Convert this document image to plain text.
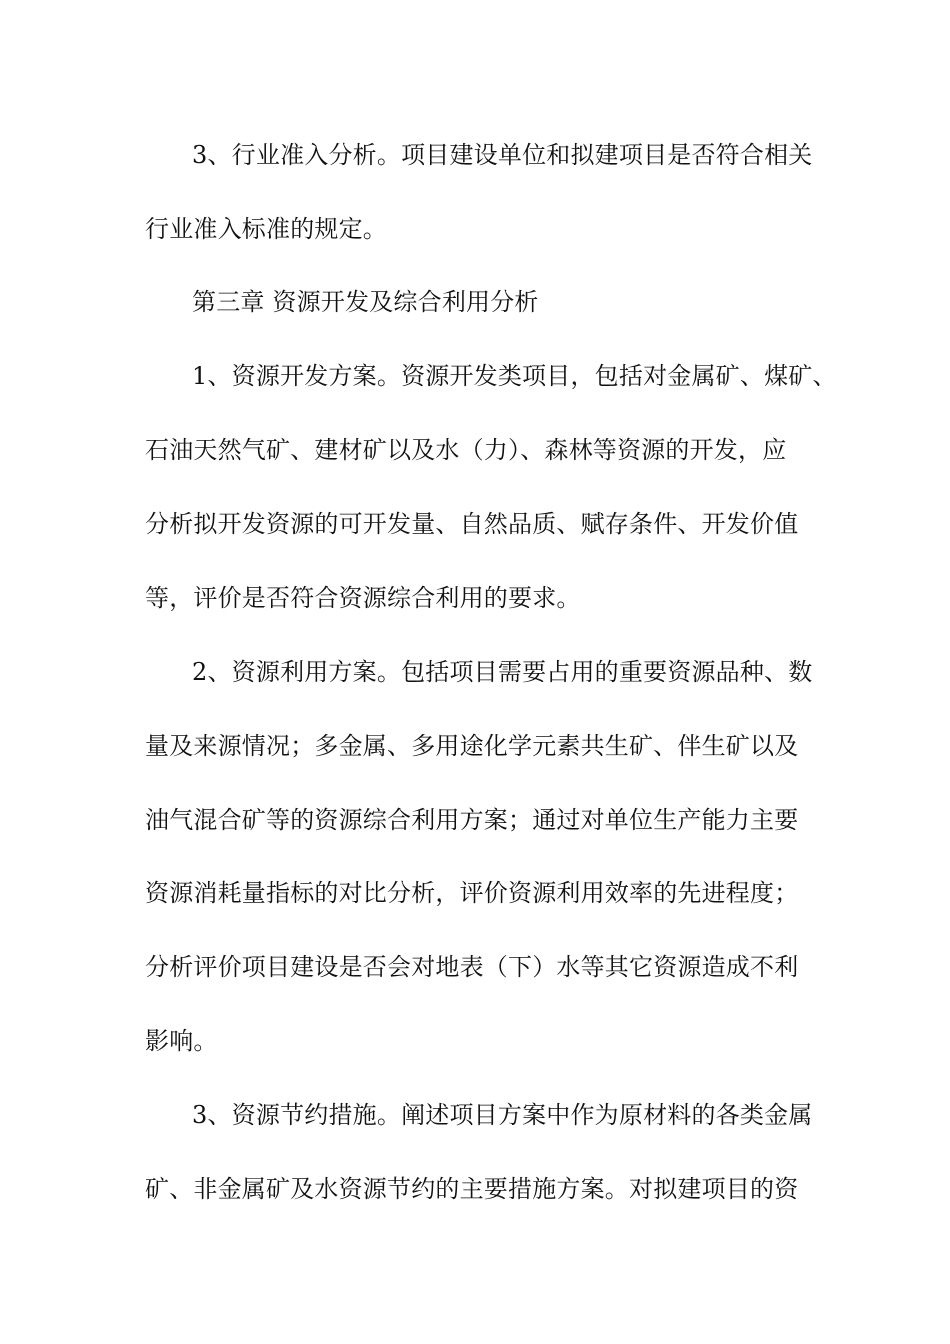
3、行业准入分析。项目建设单位和拟建项目是否符合相关
行业准入标准的规定。
第三章 资源开发及综合利用分析
1、资源开发方案。资源开发类项目，包括对金属矿、煤矿、
石油天然气矿、建材矿以及水（力）、森林等资源的开发，应
分析拟开发资源的可开发量、自然品质、赋存条件、开发价值
等，评价是否符合资源综合利用的要求。
2、资源利用方案。包括项目需要占用的重要资源品种、数
量及来源情况；多金属、多用途化学元素共生矿、伴生矿以及
油气混合矿等的资源综合利用方案；通过对单位生产能力主要
资源消耗量指标的对比分析，评价资源利用效率的先进程度；
分析评价项目建设是否会对地表（下）水等其它资源造成不利
影响。
3、资源节约措施。阐述项目方案中作为原材料的各类金属
矿、非金属矿及水资源节约的主要措施方案。对拟建项目的资
